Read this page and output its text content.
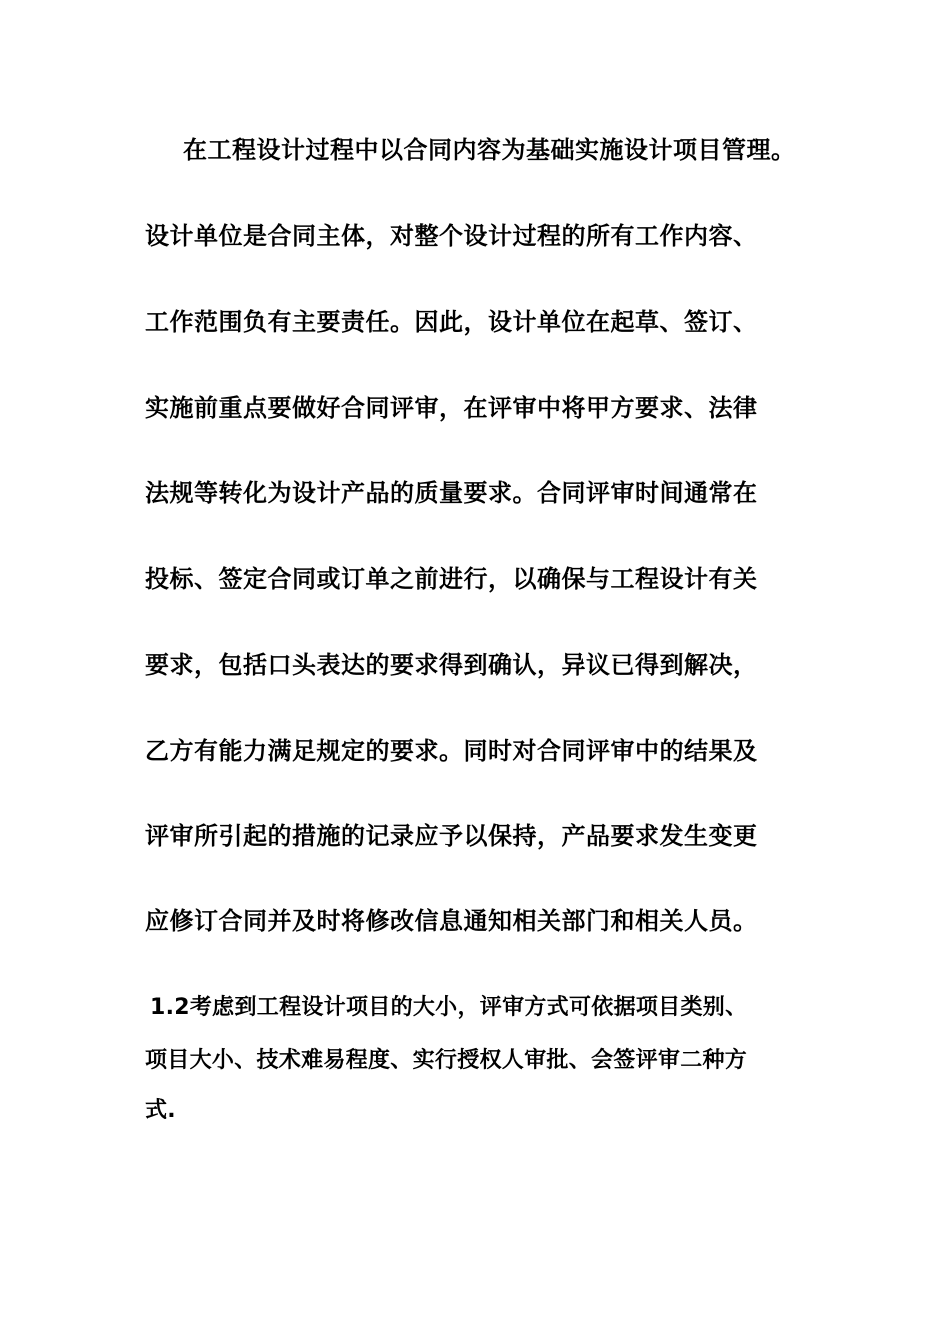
在工程设计过程中以合同内容为基础实施设计项目管理。
设计单位是合同主体，对整个设计过程的所有工作内容、
工作范围负有主要责任。因此，设计单位在起草、签订、
实施前重点要做好合同评审，在评审中将甲方要求、法律
法规等转化为设计产品的质量要求。合同评审时间通常在
投标、签定合同或订单之前进行，以确保与工程设计有关
要求，包括口头表达的要求得到确认，异议已得到解决，
乙方有能力满足规定的要求。同时对合同评审中的结果及
评审所引起的措施的记录应予以保持，产品要求发生变更
应修订合同并及时将修改信息通知相关部门和相关人员。
1.2考虑到工程设计项目的大小，评审方式可依据项目类别、
项目大小、技术难易程度、实行授权人审批、会签评审二种方
式.
